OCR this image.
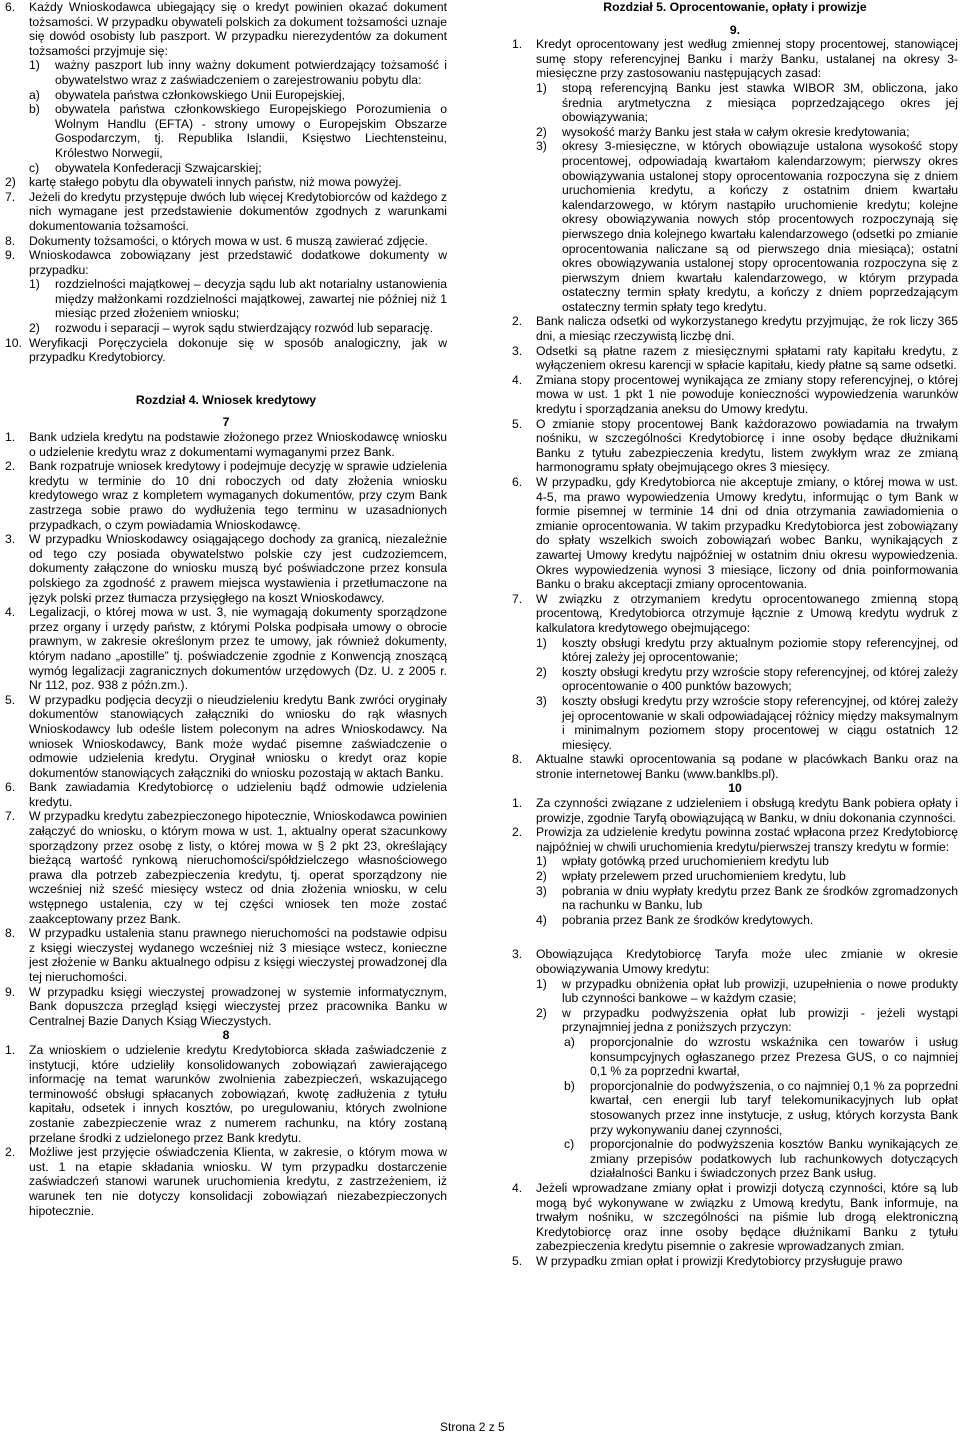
6.	Każdy Wnioskodawca ubiegający się o kredyt powinien okazać dokument tożsamości. W przypadku obywateli polskich za dokument tożsamości uznaje się dowód osobisty lub paszport. W przypadku nierezydentów za dokument tożsamości przyjmuje się:
1)	ważny paszport lub inny ważny dokument potwierdzający tożsamość i obywatelstwo wraz z zaświadczeniem o zarejestrowaniu pobytu dla:
a)	obywatela państwa członkowskiego Unii Europejskiej,
b)	obywatela państwa członkowskiego Europejskiego Porozumienia o Wolnym Handlu (EFTA) - strony umowy o Europejskim Obszarze Gospodarczym, tj. Republika Islandii, Księstwo Liechtensteinu, Królestwo Norwegii,
c)	obywatela Konfederacji Szwajcarskiej;
2)	kartę stałego pobytu dla obywateli innych państw, niż mowa powyżej.
7.	Jeżeli do kredytu przystępuje dwóch lub więcej Kredytobiorców od każdego z nich wymagane jest przedstawienie dokumentów zgodnych z warunkami dokumentowania tożsamości.
8.	Dokumenty tożsamości, o których mowa w ust. 6 muszą zawierać zdjęcie.
9.	Wnioskodawca zobowiązany jest przedstawić dodatkowe dokumenty w przypadku:
1)	rozdzielności majątkowej – decyzja sądu lub akt notarialny ustanowienia między małżonkami rozdzielności majątkowej, zawartej nie później niż 1 miesiąc przed złożeniem wniosku;
2)	rozwodu i separacji – wyrok sądu stwierdzający rozwód lub separację.
10. Weryfikacji Poręczyciela dokonuje się w sposób analogiczny, jak w przypadku Kredytobiorcy.
Rozdział 4. Wniosek kredytowy
7
1.	Bank udziela kredytu na podstawie złożonego przez Wnioskodawcę wniosku o udzielenie kredytu wraz z dokumentami wymaganymi przez Bank.
2.	Bank rozpatruje wniosek kredytowy i podejmuje decyzję w sprawie udzielenia kredytu w terminie do 10 dni roboczych od daty złożenia wniosku kredytowego wraz z kompletem wymaganych dokumentów, przy czym Bank zastrzega sobie prawo do wydłużenia tego terminu w uzasadnionych przypadkach, o czym powiadamia Wnioskodawcę.
3.	W przypadku Wnioskodawcy osiągającego dochody za granicą, niezależnie od tego czy posiada obywatelstwo polskie czy jest cudzoziemcem, dokumenty załączone do wniosku muszą być poświadczone przez konsula polskiego za zgodność z prawem miejsca wystawienia i przetłumaczone na język polski przez tłumacza przysięgłego na koszt Wnioskodawcy.
4.	Legalizacji, o której mowa w ust. 3, nie wymagają dokumenty sporządzone przez organy i urzędy państw, z którymi Polska podpisała umowy o obrocie prawnym, w zakresie określonym przez te umowy, jak również dokumenty, którym nadano „apostille” tj. poświadczenie zgodnie z Konwencją znoszącą wymóg legalizacji zagranicznych dokumentów urzędowych (Dz. U. z 2005 r. Nr 112, poz. 938 z późn.zm.).
5.	W przypadku podjęcia decyzji o nieudzieleniu kredytu Bank zwróci oryginały dokumentów stanowiących załączniki do wniosku do rąk własnych Wnioskodawcy lub odeśle listem poleconym na adres Wnioskodawcy. Na wniosek Wnioskodawcy, Bank może wydać pisemne zaświadczenie o odmowie udzielenia kredytu. Oryginał wniosku o kredyt oraz kopie dokumentów stanowiących załączniki do wniosku pozostają w aktach Banku.
6.	Bank zawiadamia Kredytobiorcę o udzieleniu bądź odmowie udzielenia kredytu.
7.	W przypadku kredytu zabezpieczonego hipotecznie, Wnioskodawca powinien załączyć do wniosku, o którym mowa w ust. 1, aktualny operat szacunkowy sporządzony przez osobę z listy, o której mowa w § 2 pkt 23, określający bieżącą wartość rynkową nieruchomości/spółdzielczego własnościowego prawa dla potrzeb zabezpieczenia kredytu, tj. operat sporządzony nie wcześniej niż sześć miesięcy wstecz od dnia złożenia wniosku, w celu wstępnego ustalenia, czy w tej części wniosek ten może zostać zaakceptowany przez Bank.
8.	W przypadku ustalenia stanu prawnego nieruchomości na podstawie odpisu z księgi wieczystej wydanego wcześniej niż 3 miesiące wstecz, konieczne jest złożenie w Banku aktualnego odpisu z księgi wieczystej prowadzonej dla tej nieruchomości.
9.	W przypadku księgi wieczystej prowadzonej w systemie informatycznym, Bank dopuszcza przegląd księgi wieczystej przez pracownika Banku w Centralnej Bazie Danych Ksiąg Wieczystych.
8
1.	Za wnioskiem o udzielenie kredytu Kredytobiorca składa zaświadczenie z instytucji, które udzieliły konsolidowanych zobowiązań zawierającego informację na temat warunków zwolnienia zabezpieczeń, wskazującego terminowość obsługi spłacanych zobowiązań, kwotę zadłużenia z tytułu kapitału, odsetek i innych kosztów, po uregulowaniu, których zwolnione zostanie zabezpieczenie wraz z numerem rachunku, na który zostaną przelane środki z udzielonego przez Bank kredytu.
2.	Możliwe jest przyjęcie oświadczenia Klienta, w zakresie, o którym mowa w ust. 1 na etapie składania wniosku. W tym przypadku dostarczenie zaświadczeń stanowi warunek uruchomienia kredytu, z zastrzeżeniem, iż warunek ten nie dotyczy konsolidacji zobowiązań niezabezpieczonych hipotecznie.
Rozdział 5. Oprocentowanie, opłaty i prowizje
9.
1.	Kredyt oprocentowany jest według zmiennej stopy procentowej, stanowiącej sumę stopy referencyjnej Banku i marży Banku, ustalanej na okresy 3-miesięczne przy zastosowaniu następujących zasad:
1)	stopą referencyjną Banku jest stawka WIBOR 3M, obliczona, jako średnia arytmetyczna z miesiąca poprzedzającego okres jej obowiązywania;
2)	wysokość marży Banku jest stała w całym okresie kredytowania;
3)	okresy 3-miesięczne, w których obowiązuje ustalona wysokość stopy procentowej, odpowiadają kwartałom kalendarzowym; pierwszy okres obowiązywania ustalonej stopy oprocentowania rozpoczyna się z dniem uruchomienia kredytu, a kończy z ostatnim dniem kwartału kalendarzowego, w którym nastąpiło uruchomienie kredytu; kolejne okresy obowiązywania nowych stóp procentowych rozpoczynają się pierwszego dnia kolejnego kwartału kalendarzowego (odsetki po zmianie oprocentowania naliczane są od pierwszego dnia miesiąca); ostatni okres obowiązywania ustalonej stopy oprocentowania rozpoczyna się z pierwszym dniem kwartału kalendarzowego, w którym przypada ostateczny termin spłaty kredytu, a kończy z dniem poprzedzającym ostateczny termin spłaty tego kredytu.
2.	Bank nalicza odsetki od wykorzystanego kredytu przyjmując, że rok liczy 365 dni, a miesiąc rzeczywistą liczbę dni.
3.	Odsetki są płatne razem z miesięcznymi spłatami raty kapitału kredytu, z wyłączeniem okresu karencji w spłacie kapitału, kiedy płatne są same odsetki.
4.	Zmiana stopy procentowej wynikająca ze zmiany stopy referencyjnej, o której mowa w ust. 1 pkt 1 nie powoduje konieczności wypowiedzenia warunków kredytu i sporządzania aneksu do Umowy kredytu.
5.	O zmianie stopy procentowej Bank każdorazowo powiadamia na trwałym nośniku, w szczególności Kredytobiorcę i inne osoby będące dłużnikami Banku z tytułu zabezpieczenia kredytu, listem zwykłym wraz ze zmianą harmonogramu spłaty obejmującego okres 3 miesięcy.
6.	W przypadku, gdy Kredytobiorca nie akceptuje zmiany, o której mowa w ust. 4-5, ma prawo wypowiedzenia Umowy kredytu, informując o tym Bank w formie pisemnej w terminie 14 dni od dnia otrzymania zawiadomienia o zmianie oprocentowania. W takim przypadku Kredytobiorca jest zobowiązany do spłaty wszelkich swoich zobowiązań wobec Banku, wynikających z zawartej Umowy kredytu najpóźniej w ostatnim dniu okresu wypowiedzenia. Okres wypowiedzenia wynosi 3 miesiące, liczony od dnia poinformowania Banku o braku akceptacji zmiany oprocentowania.
7.	W związku z otrzymaniem kredytu oprocentowanego zmienną stopą procentową, Kredytobiorca otrzymuje łącznie z Umową kredytu wydruk z kalkulatora kredytowego obejmującego:
1)	koszty obsługi kredytu przy aktualnym poziomie stopy referencyjnej, od której zależy jej oprocentowanie;
2)	koszty obsługi kredytu przy wzroście stopy referencyjnej, od której zależy oprocentowanie o 400 punktów bazowych;
3)	koszty obsługi kredytu przy wzroście stopy referencyjnej, od której zależy jej oprocentowanie w skali odpowiadającej różnicy między maksymalnym i minimalnym poziomem stopy procentowej w ciągu ostatnich 12 miesięcy.
8.	Aktualne stawki oprocentowania są podane w placówkach Banku oraz na stronie internetowej Banku (www.banklbs.pl).
10
1.	Za czynności związane z udzieleniem i obsługą kredytu Bank pobiera opłaty i prowizje, zgodnie Taryfą obowiązującą w Banku, w dniu dokonania czynności.
2.	Prowizja za udzielenie kredytu powinna zostać wpłacona przez Kredytobiorcę najpóźniej w chwili uruchomienia kredytu/pierwszej transzy kredytu w formie:
1)	wpłaty gotówką przed uruchomieniem kredytu lub
2)	wpłaty przelewem przed uruchomieniem kredytu, lub
3)	pobrania w dniu wypłaty kredytu przez Bank ze środków zgromadzonych na rachunku w Banku, lub
4)	pobrania przez Bank ze środków kredytowych.
3.	Obowiązująca Kredytobiorcę Taryfa może ulec zmianie w okresie obowiązywania Umowy kredytu:
1)	w przypadku obniżenia opłat lub prowizji, uzupełnienia o nowe produkty lub czynności bankowe – w każdym czasie;
2)	w przypadku podwyższenia opłat lub prowizji - jeżeli wystąpi przynajmniej jedna z poniższych przyczyn:
a)	proporcjonalnie do wzrostu wskaźnika cen towarów i usług konsumpcyjnych ogłaszanego przez Prezesa GUS, o co najmniej 0,1 % za poprzedni kwartał,
b)	proporcjonalnie do podwyższenia, o co najmniej 0,1 % za poprzedni kwartał, cen energii lub taryf telekomunikacyjnych lub opłat stosowanych przez inne instytucje, z usług, których korzysta Bank przy wykonywaniu danej czynności,
c)	proporcjonalnie do podwyższenia kosztów Banku wynikających ze zmiany przepisów podatkowych lub rachunkowych dotyczących działalności Banku i świadczonych przez Bank usług.
4.	Jeżeli wprowadzane zmiany opłat i prowizji dotyczą czynności, które są lub mogą być wykonywane w związku z Umową kredytu, Bank informuje, na trwałym nośniku, w szczególności na piśmie lub drogą elektroniczną Kredytobiorcę oraz inne osoby będące dłużnikami Banku z tytułu zabezpieczenia kredytu pisemnie o zakresie wprowadzanych zmian.
5.	W przypadku zmian opłat i prowizji Kredytobiorcy przysługuje prawo
Strona 2 z 5
